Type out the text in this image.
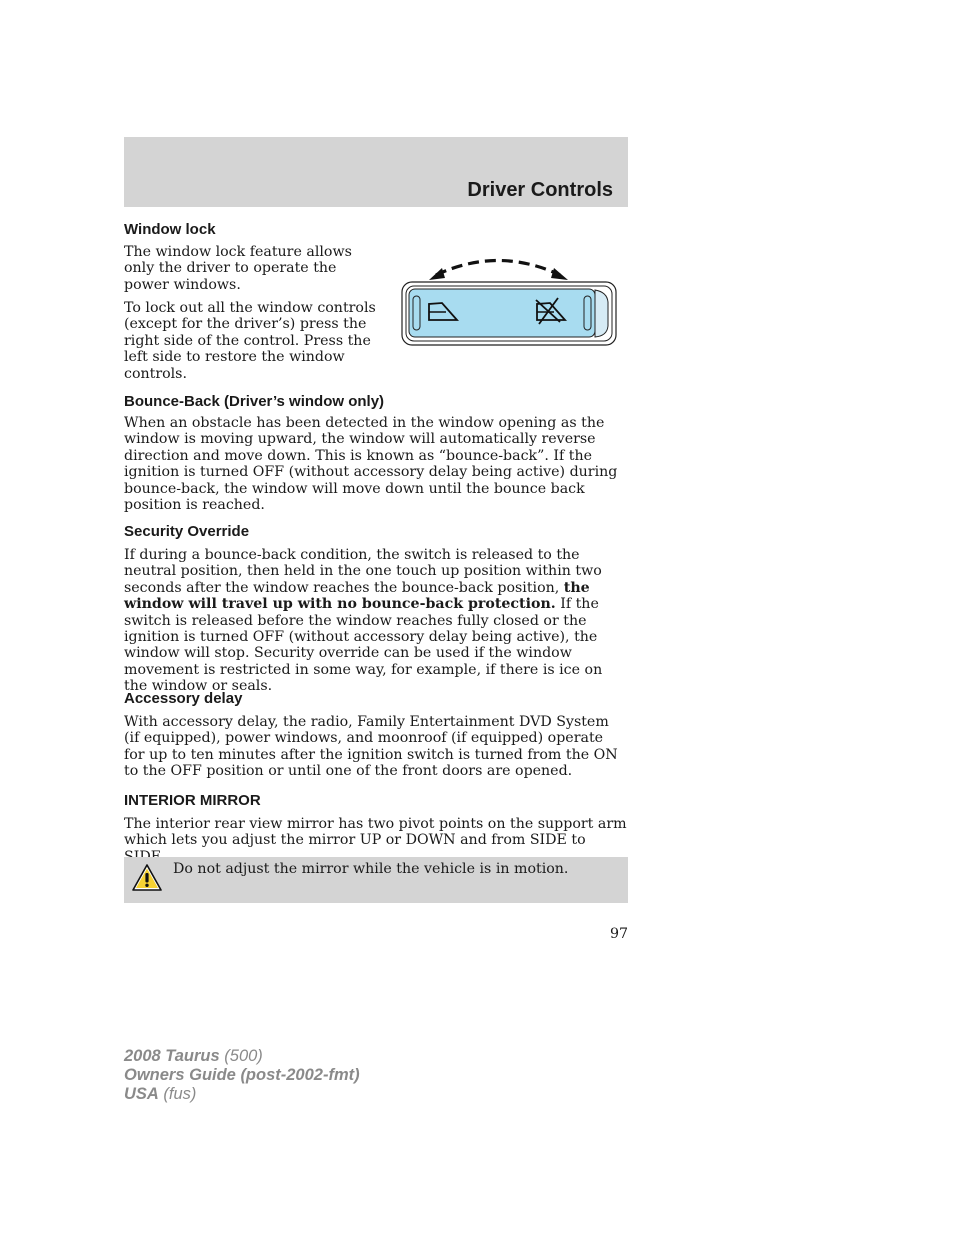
Driver Controls
Window lock

The window lock feature allows only the driver to operate the power windows.

To lock out all the window controls (except for the driver’s) press the right side of the control. Press the left side to restore the window controls.

Bounce-Back (Driver’s window only)

When an obstacle has been detected in the window opening as the window is moving upward, the window will automatically reverse direction and move down. This is known as “bounce-back”. If the ignition is turned OFF (without accessory delay being active) during bounce-back, the window will move down until the bounce back position is reached.

Security Override

If during a bounce-back condition, the switch is released to the neutral position, then held in the one touch up position within two seconds after the window reaches the bounce-back position, the window will travel up with no bounce-back protection. If the switch is released before the window reaches fully closed or the ignition is turned OFF (without accessory delay being active), the window will stop. Security override can be used if the window movement is restricted in some way, for example, if there is ice on the window or seals.

Accessory delay

With accessory delay, the radio, Family Entertainment DVD System (if equipped), power windows, and moonroof (if equipped) operate for up to ten minutes after the ignition switch is turned from the ON to the OFF position or until one of the front doors are opened.

INTERIOR MIRROR

The interior rear view mirror has two pivot points on the support arm which lets you adjust the mirror UP or DOWN and from SIDE to

Do not adjust the mirror while the vehicle is in motion.
97
2008 Taurus (500)
Owners Guide (post-2002-fmt)
USA (fus)
